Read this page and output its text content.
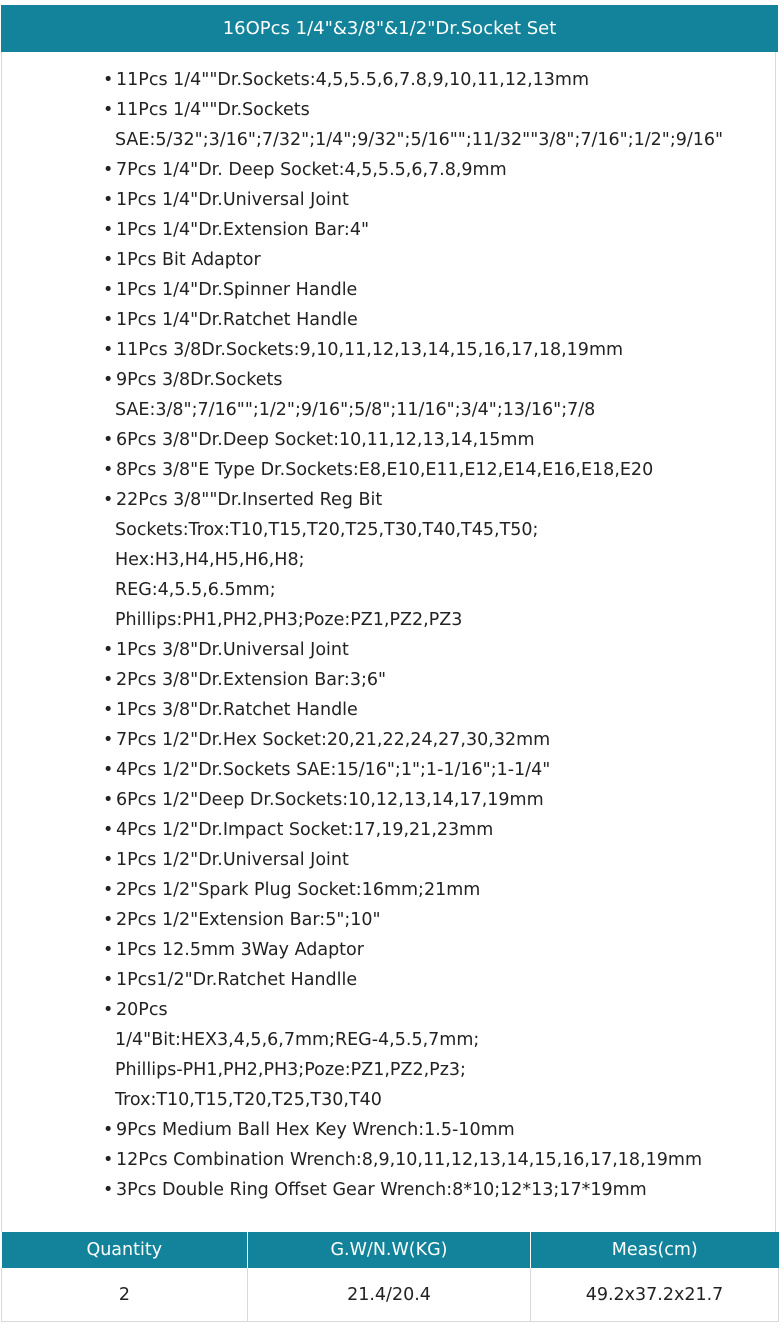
16OPcs 1/4"&3/8"&1/2"Dr.Socket Set
• 11Pcs 1/4""Dr.Sockets:4,5,5.5,6,7.8,9,10,11,12,13mm
• 11Pcs 1/4""Dr.Sockets
SAE:5/32";3/16";7/32";1/4";9/32";5/16"";11/32""3/8";7/16";1/2";9/16"
• 7Pcs 1/4"Dr. Deep Socket:4,5,5.5,6,7.8,9mm
• 1Pcs 1/4"Dr.Universal Joint
• 1Pcs 1/4"Dr.Extension Bar:4"
• 1Pcs Bit Adaptor
• 1Pcs 1/4"Dr.Spinner Handle
• 1Pcs 1/4"Dr.Ratchet Handle
• 11Pcs 3/8Dr.Sockets:9,10,11,12,13,14,15,16,17,18,19mm
• 9Pcs 3/8Dr.Sockets
SAE:3/8";7/16"";1/2";9/16";5/8";11/16";3/4";13/16";7/8
• 6Pcs 3/8"Dr.Deep Socket:10,11,12,13,14,15mm
• 8Pcs 3/8"E Type Dr.Sockets:E8,E10,E11,E12,E14,E16,E18,E20
• 22Pcs 3/8""Dr.Inserted Reg Bit
Sockets:Trox:T10,T15,T20,T25,T30,T40,T45,T50;
Hex:H3,H4,H5,H6,H8;
REG:4,5.5,6.5mm;
Phillips:PH1,PH2,PH3;Poze:PZ1,PZ2,PZ3
• 1Pcs 3/8"Dr.Universal Joint
• 2Pcs 3/8"Dr.Extension Bar:3;6"
• 1Pcs 3/8"Dr.Ratchet Handle
• 7Pcs 1/2"Dr.Hex Socket:20,21,22,24,27,30,32mm
• 4Pcs 1/2"Dr.Sockets SAE:15/16";1";1-1/16";1-1/4"
• 6Pcs 1/2"Deep Dr.Sockets:10,12,13,14,17,19mm
• 4Pcs 1/2"Dr.Impact Socket:17,19,21,23mm
• 1Pcs 1/2"Dr.Universal Joint
• 2Pcs 1/2"Spark Plug Socket:16mm;21mm
• 2Pcs 1/2"Extension Bar:5";10"
• 1Pcs 12.5mm 3Way Adaptor
• 1Pcs1/2"Dr.Ratchet Handlle
• 20Pcs
1/4"Bit:HEX3,4,5,6,7mm;REG-4,5.5,7mm;
Phillips-PH1,PH2,PH3;Poze:PZ1,PZ2,Pz3;
Trox:T10,T15,T20,T25,T30,T40
• 9Pcs Medium Ball Hex Key Wrench:1.5-10mm
• 12Pcs Combination Wrench:8,9,10,11,12,13,14,15,16,17,18,19mm
• 3Pcs Double Ring Offset Gear Wrench:8*10;12*13;17*19mm
Quantity	G.W/N.W(KG)	Meas(cm)
2	21.4/20.4	49.2x37.2x21.7
